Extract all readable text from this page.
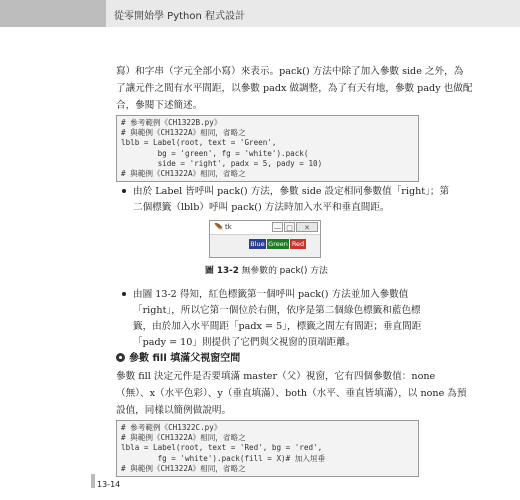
從零開始學 Python 程式設計
寫）和字串（字元全部小寫）來表示。pack() 方法中除了加入參數 side 之外，為
了讓元件之間有水平間距，以參數 padx 做調整，為了有天有地，參數 pady 也做配
合，參閱下述簡述。
# 參考範例《CH1322B.py》
# 與範例《CH1322A》相同，省略之
lblb = Label(root, text = 'Green',
bg = 'green', fg = 'white').pack(
side = 'right', padx = 5, pady = 10)
# 與範例《CH1322A》相同，省略之
由於 Label 皆呼叫 pack() 方法，參數 side 設定相同參數值「right」；第
二個標籤（lblb）呼叫 pack() 方法時加入水平和垂直間距。
🪶 tk	— □	✕
Blue Green Red
圖 13-2 無參數的 pack() 方法
由圖 13-2 得知，紅色標籤第一個呼叫 pack() 方法並加入參數值
「right」，所以它第一個位於右側，依序是第二個綠色標籤和藍色標
籤，由於加入水平間距「padx = 5」，標籤之間左有間距；垂直間距
「pady = 10」則提供了它們與父視窗的頂端距離。
參數 fill 填滿父視窗空間
參數 fill 決定元件是否要填滿 master（父）視窗，它有四個參數值：none
（無）、x（水平色彩）、y（垂直填滿）、both（水平、垂直皆填滿），以 none 為預
設值，同樣以簡例做說明。
# 參考範例《CH1322C.py》
# 與範例《CH1322A》相同，省略之
lbla = Label(root, text = 'Red', bg = 'red',
fg = 'white').pack(fill = X)# 加入垣垂
# 與範例《CH1322A》相同，省略之
13-14
